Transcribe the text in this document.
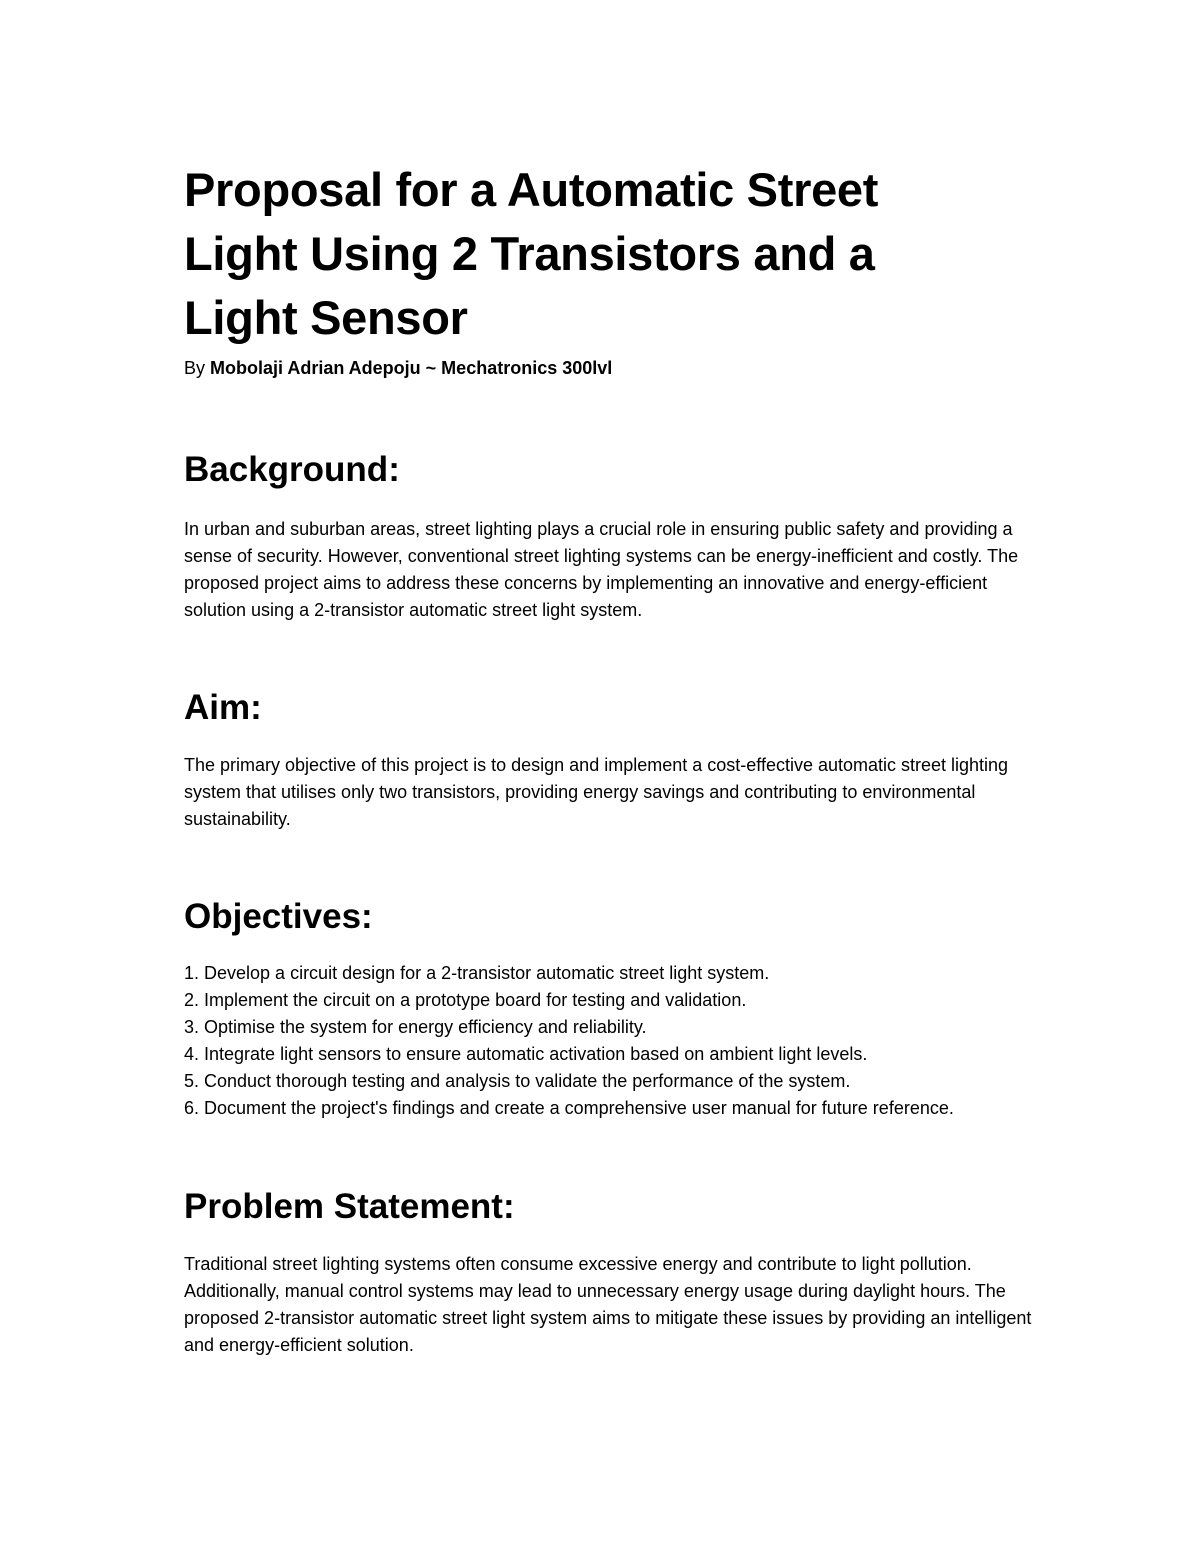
Proposal for a Automatic Street Light Using 2 Transistors and a Light Sensor

By Mobolaji Adrian Adepoju ~ Mechatronics 300lvl

Background:

In urban and suburban areas, street lighting plays a crucial role in ensuring public safety and providing a sense of security. However, conventional street lighting systems can be energy-inefficient and costly. The proposed project aims to address these concerns by implementing an innovative and energy-efficient solution using a 2-transistor automatic street light system.

Aim:

The primary objective of this project is to design and implement a cost-effective automatic street lighting system that utilises only two transistors, providing energy savings and contributing to environmental sustainability.

Objectives:
1. Develop a circuit design for a 2-transistor automatic street light system.
2. Implement the circuit on a prototype board for testing and validation.
3. Optimise the system for energy efficiency and reliability.
4. Integrate light sensors to ensure automatic activation based on ambient light levels.
5. Conduct thorough testing and analysis to validate the performance of the system.
6. Document the project's findings and create a comprehensive user manual for future reference.
Problem Statement:

Traditional street lighting systems often consume excessive energy and contribute to light pollution. Additionally, manual control systems may lead to unnecessary energy usage during daylight hours. The proposed 2-transistor automatic street light system aims to mitigate these issues by providing an intelligent and energy-efficient solution.
